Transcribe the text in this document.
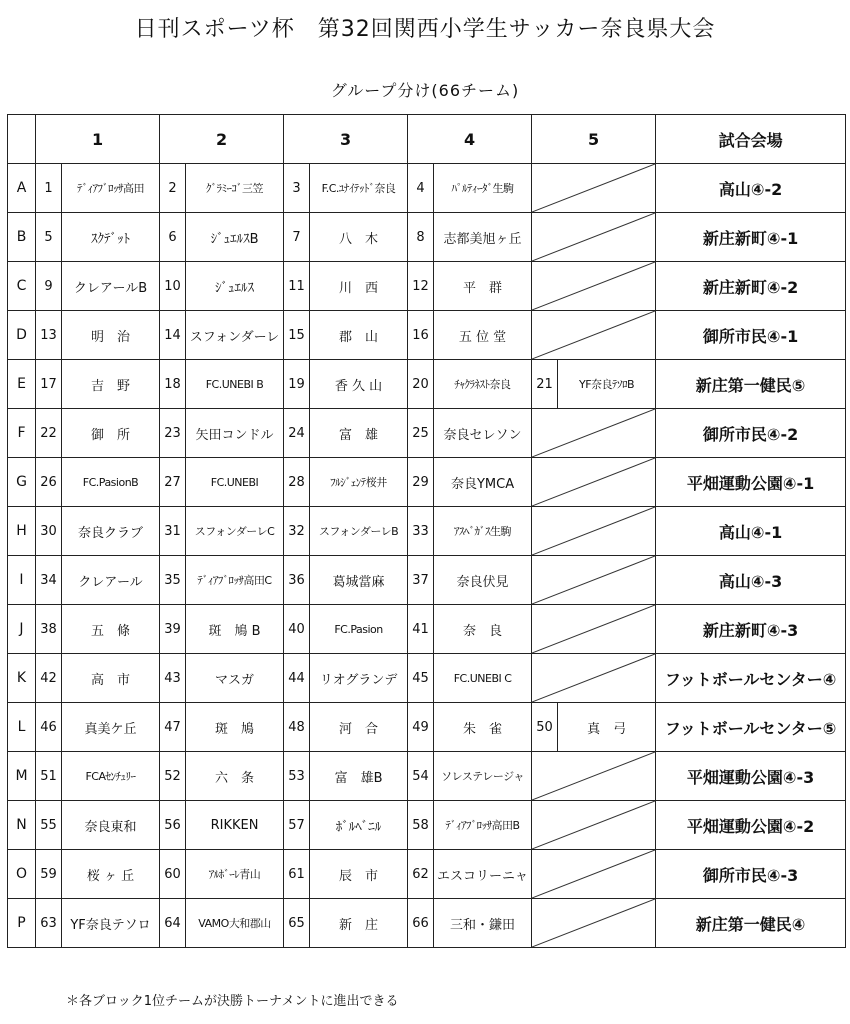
日刊スポーツ杯　第32回関西小学生サッカー奈良県大会
グループ分け(66チーム)
	1		2		3		4		5		試合会場
A	1	ﾃﾞｨｱﾌﾞﾛｯｻ高田	2	ｸﾞﾗﾐｰｺﾞ三笠	3	F.C.ﾕﾅｲﾃｯﾄﾞ奈良	4	ﾊﾟﾙﾃｨｰﾀﾞ生駒			高山④-2
B	5	ｽｸﾃﾞｯﾄ	6	ｼﾞｭｴﾙｽB	7	八　木	8	志都美旭ヶ丘			新庄新町④-1
C	9	クレアールB	10	ｼﾞｭｴﾙｽ	11	川　西	12	平　群			新庄新町④-2
D	13	明　治	14	スフォンダーレ	15	郡　山	16	五 位 堂			御所市民④-1
E	17	吉　野	18	FC.UNEBI B	19	香 久 山	20	ﾁｬｸﾗﾈｽﾄ奈良	21	YF奈良ﾃｿﾛB	新庄第一健民⑤
F	22	御　所	23	矢田コンドル	24	富　雄	25	奈良セレソン			御所市民④-2
G	26	FC.PasionB	27	FC.UNEBI	28	ﾌﾙｼﾞｪﾝﾃ桜井	29	奈良YMCA			平畑運動公園④-1
H	30	奈良クラブ	31	スフォンダーレC	32	スフォンダーレB	33	ｱｽﾍﾞｶﾞｽ生駒			高山④-1
I	34	クレアール	35	ﾃﾞｨｱﾌﾞﾛｯｻ高田C	36	葛城當麻	37	奈良伏見			高山④-3
J	38	五　條	39	斑　鳩 B	40	FC.Pasion	41	奈　良			新庄新町④-3
K	42	高　市	43	マスガ	44	リオグランデ	45	FC.UNEBI C			フットボールセンター④
L	46	真美ケ丘	47	斑　鳩	48	河　合	49	朱　雀	50	真　弓	フットボールセンター⑤
M	51	FCAｾﾝﾁｭﾘｰ	52	六　条	53	富　雄B	54	ソレステレージャ			平畑運動公園④-3
N	55	奈良東和	56	RIKKEN	57	ﾎﾞﾙﾍﾞﾆﾙ	58	ﾃﾞｨｱﾌﾞﾛｯｻ高田B			平畑運動公園④-2
O	59	桜 ヶ 丘	60	ｱﾙﾎﾞｰﾚ青山	61	辰　市	62	エスコリーニャ			御所市民④-3
P	63	YF奈良テソロ	64	VAMO大和郡山	65	新　庄	66	三和・鎌田			新庄第一健民④
＊各ブロック1位チームが決勝トーナメントに進出できる
